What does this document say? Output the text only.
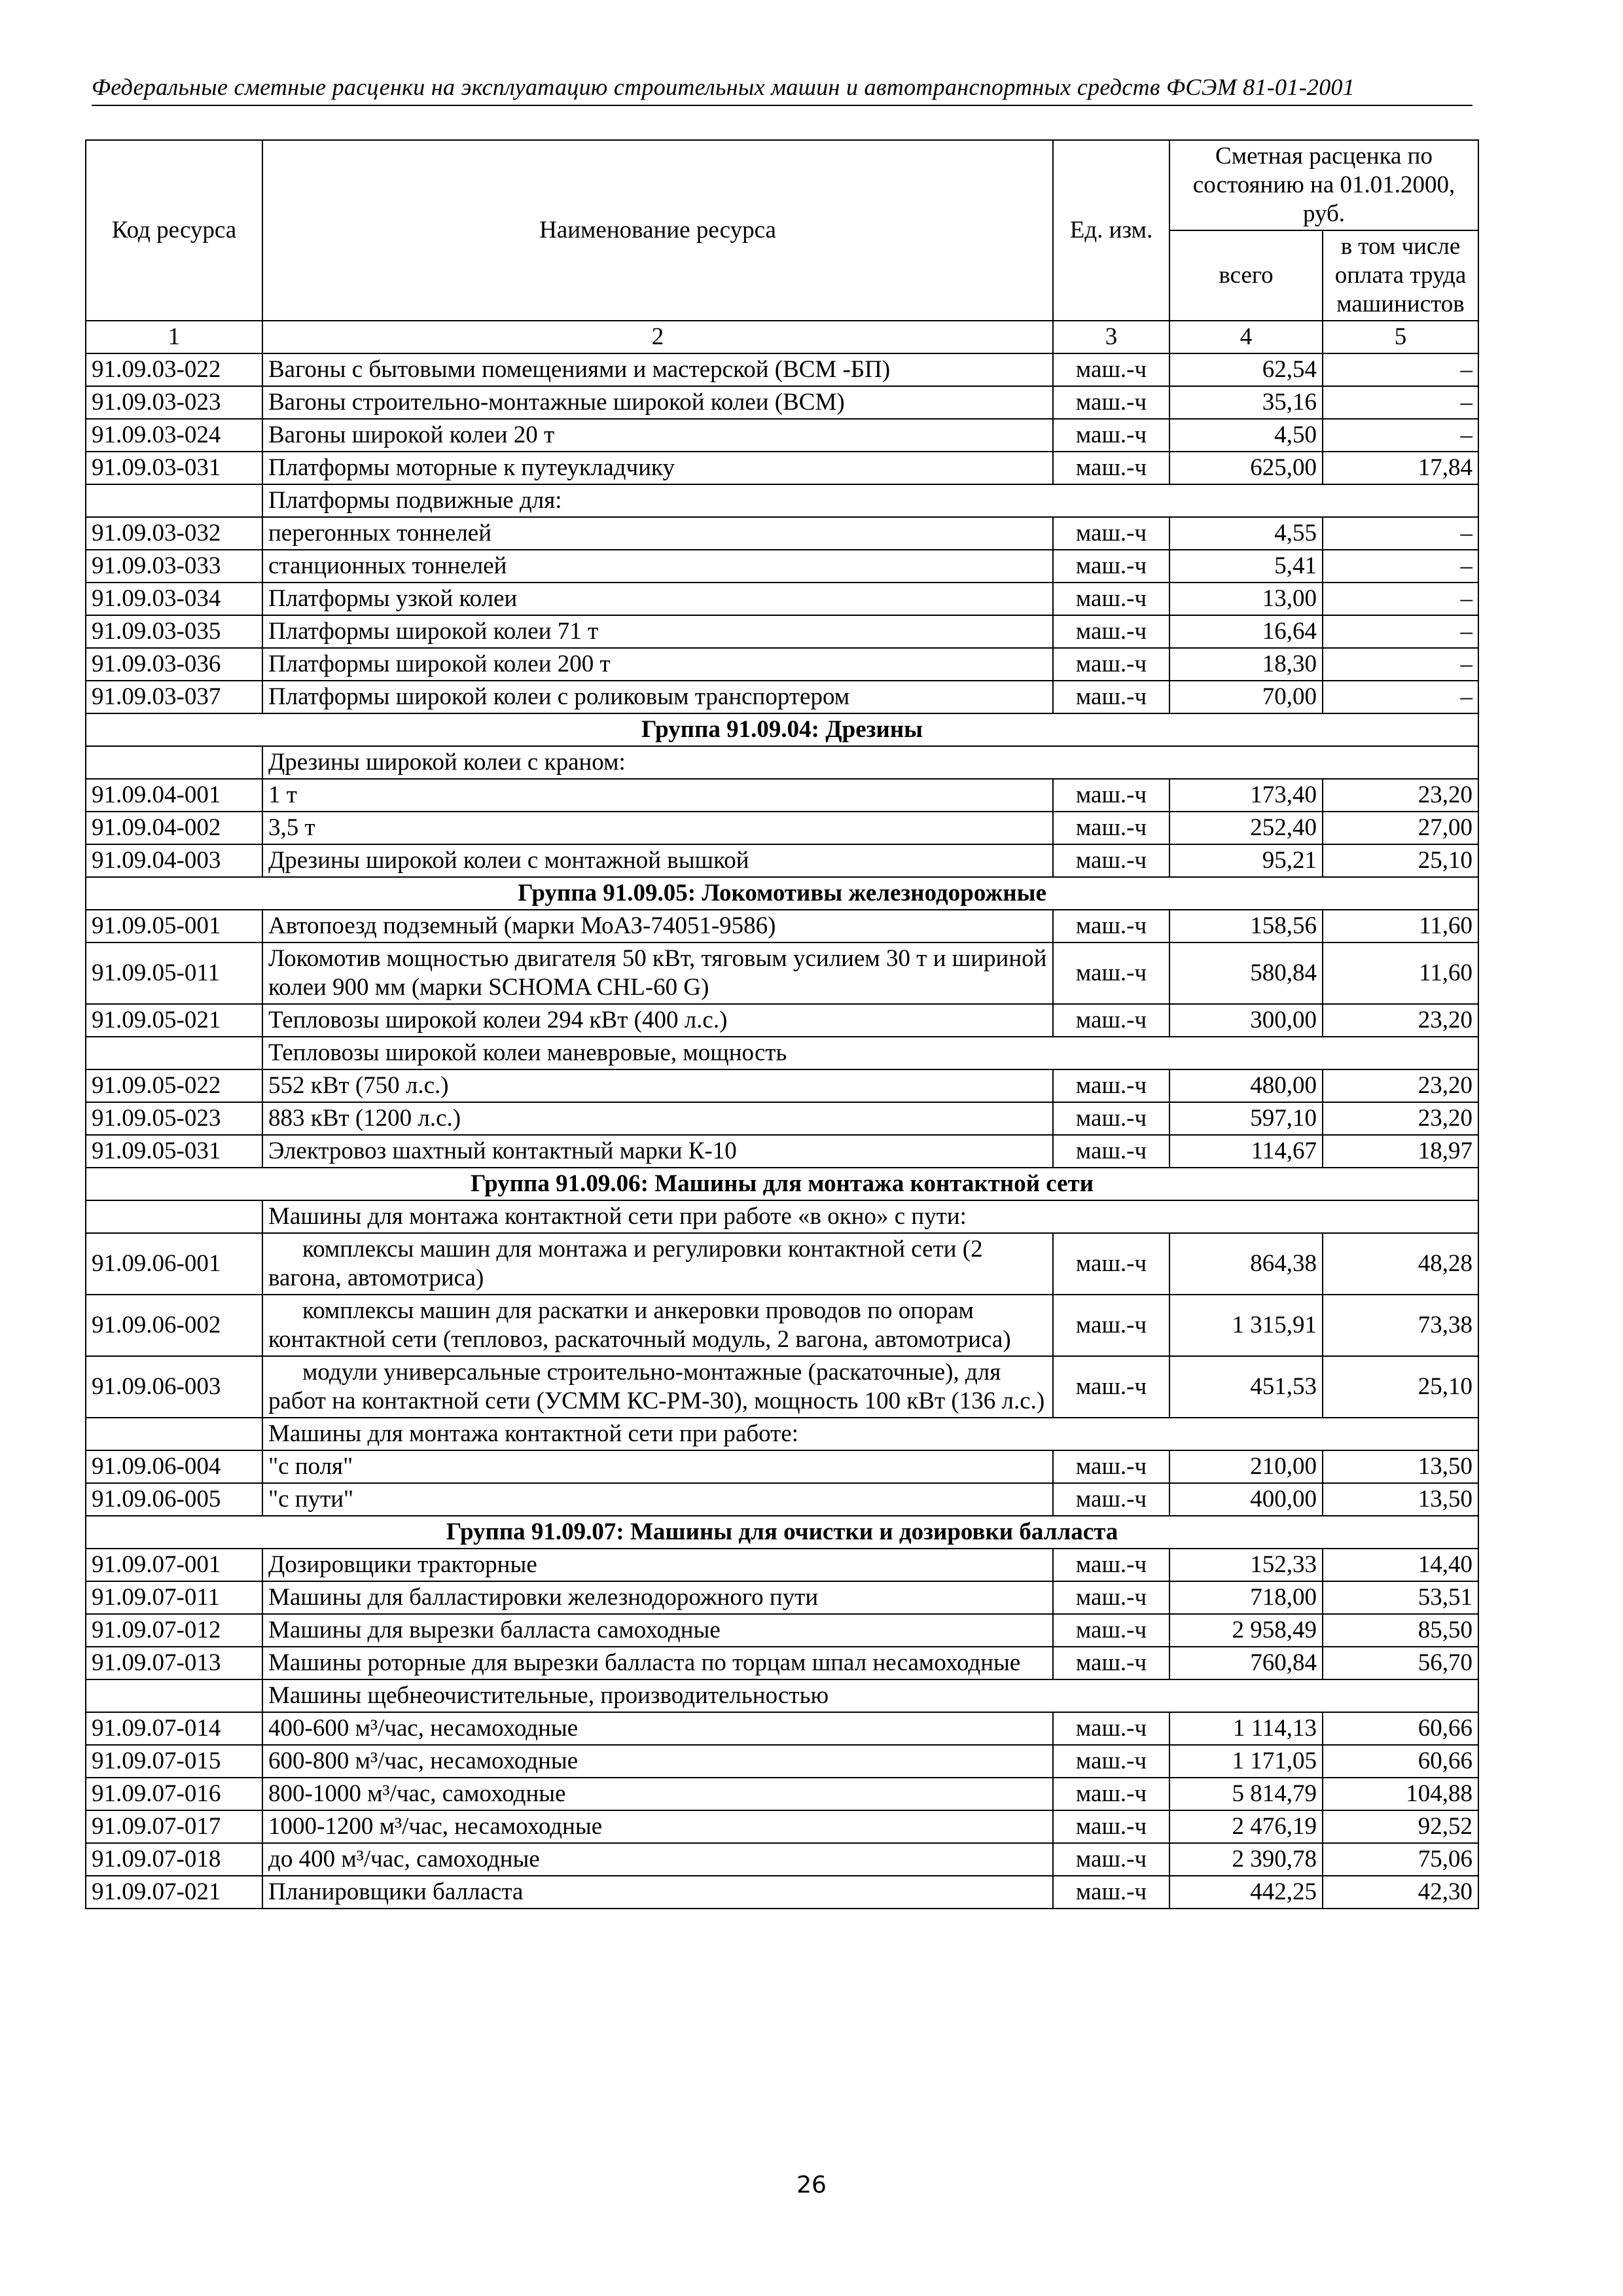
Федеральные сметные расценки на эксплуатацию строительных машин и автотранспортных средств ФСЭМ 81-01-2001
Код ресурса	Наименование ресурса	Ед. изм.	Сметная расценка по состоянию на 01.01.2000, руб.	
			всего	в том числе оплата труда машинистов
1	2	3	4	5
91.09.03-022	Вагоны с бытовыми помещениями и мастерской (ВСМ -БП)	маш.-ч	62,54	–
91.09.03-023	Вагоны строительно-монтажные широкой колеи (ВСМ)	маш.-ч	35,16	–
91.09.03-024	Вагоны широкой колеи 20 т	маш.-ч	4,50	–
91.09.03-031	Платформы моторные к путеукладчику	маш.-ч	625,00	17,84
	Платформы подвижные для:			
91.09.03-032	перегонных тоннелей	маш.-ч	4,55	–
91.09.03-033	станционных тоннелей	маш.-ч	5,41	–
91.09.03-034	Платформы узкой колеи	маш.-ч	13,00	–
91.09.03-035	Платформы широкой колеи 71 т	маш.-ч	16,64	–
91.09.03-036	Платформы широкой колеи 200 т	маш.-ч	18,30	–
91.09.03-037	Платформы широкой колеи с роликовым транспортером	маш.-ч	70,00	–
Группа 91.09.04: Дрезины				
	Дрезины широкой колеи с краном:			
91.09.04-001	1 т	маш.-ч	173,40	23,20
91.09.04-002	3,5 т	маш.-ч	252,40	27,00
91.09.04-003	Дрезины широкой колеи с монтажной вышкой	маш.-ч	95,21	25,10
Группа 91.09.05: Локомотивы железнодорожные				
91.09.05-001	Автопоезд подземный (марки МоАЗ-74051-9586)	маш.-ч	158,56	11,60
91.09.05-011	Локомотив мощностью двигателя 50 кВт, тяговым усилием 30 т и шириной колеи 900 мм (марки SCHOMA CHL-60 G)	маш.-ч	580,84	11,60
91.09.05-021	Тепловозы широкой колеи 294 кВт (400 л.с.)	маш.-ч	300,00	23,20
	Тепловозы широкой колеи маневровые, мощность			
91.09.05-022	552 кВт (750 л.с.)	маш.-ч	480,00	23,20
91.09.05-023	883 кВт (1200 л.с.)	маш.-ч	597,10	23,20
91.09.05-031	Электровоз шахтный контактный марки К-10	маш.-ч	114,67	18,97
Группа 91.09.06: Машины для монтажа контактной сети				
	Машины для монтажа контактной сети при работе «в окно» с пути:			
91.09.06-001	комплексы машин для монтажа и регулировки контактной сети (2 вагона, автомотриса)	маш.-ч	864,38	48,28
91.09.06-002	комплексы машин для раскатки и анкеровки проводов по опорам контактной сети (тепловоз, раскаточный модуль, 2 вагона, автомотриса)	маш.-ч	1 315,91	73,38
91.09.06-003	модули универсальные строительно-монтажные (раскаточные), для работ на контактной сети (УСММ КС-РМ-30), мощность 100 кВт (136 л.с.)	маш.-ч	451,53	25,10
	Машины для монтажа контактной сети при работе:			
91.09.06-004	"с поля"	маш.-ч	210,00	13,50
91.09.06-005	"с пути"	маш.-ч	400,00	13,50
Группа 91.09.07: Машины для очистки и дозировки балласта				
91.09.07-001	Дозировщики тракторные	маш.-ч	152,33	14,40
91.09.07-011	Машины для балластировки железнодорожного пути	маш.-ч	718,00	53,51
91.09.07-012	Машины для вырезки балласта самоходные	маш.-ч	2 958,49	85,50
91.09.07-013	Машины роторные для вырезки балласта по торцам шпал несамоходные	маш.-ч	760,84	56,70
	Машины щебнеочистительные, производительностью			
91.09.07-014	400-600 м³/час, несамоходные	маш.-ч	1 114,13	60,66
91.09.07-015	600-800 м³/час, несамоходные	маш.-ч	1 171,05	60,66
91.09.07-016	800-1000 м³/час, самоходные	маш.-ч	5 814,79	104,88
91.09.07-017	1000-1200 м³/час, несамоходные	маш.-ч	2 476,19	92,52
91.09.07-018	до 400 м³/час, самоходные	маш.-ч	2 390,78	75,06
91.09.07-021	Планировщики балласта	маш.-ч	442,25	42,30
26
